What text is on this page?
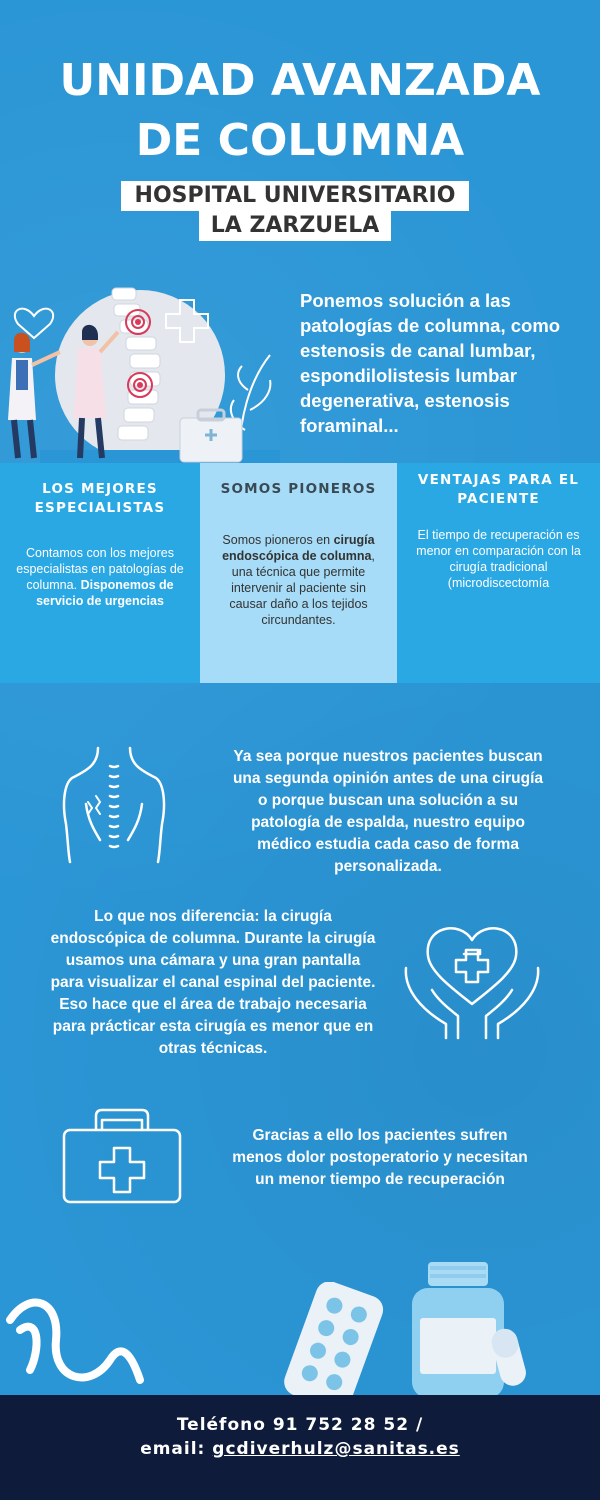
UNIDAD AVANZADA
DE COLUMNA
HOSPITAL UNIVERSITARIO
LA ZARZUELA
Ponemos solución a las patologías de columna, como estenosis de canal lumbar, espondilolistesis lumbar degenerativa, estenosis foraminal...
LOS MEJORES ESPECIALISTAS

Contamos con los mejores especialistas en patologías de columna. Disponemos de servicio de urgencias

SOMOS PIONEROS

Somos pioneros en cirugía endoscópica de columna, una técnica que permite intervenir al paciente sin causar daño a los tejidos circundantes.

VENTAJAS PARA EL PACIENTE

El tiempo de recuperación es menor en comparación con la cirugía tradicional (microdiscectomía

Ya sea porque nuestros pacientes buscan una segunda opinión antes de una cirugía o porque buscan una solución a su patología de espalda, nuestro equipo médico estudia cada caso de forma personalizada.
Lo que nos diferencia: la cirugía endoscópica de columna. Durante la cirugía usamos una cámara y una gran pantalla para visualizar el canal espinal del paciente. Eso hace que el área de trabajo necesaria para prácticar esta cirugía es menor que en otras técnicas.
Gracias a ello los pacientes sufren menos dolor postoperatorio y necesitan un menor tiempo de recuperación
Teléfono 91 752 28 52 /
email: gcdiverhulz@sanitas.es
